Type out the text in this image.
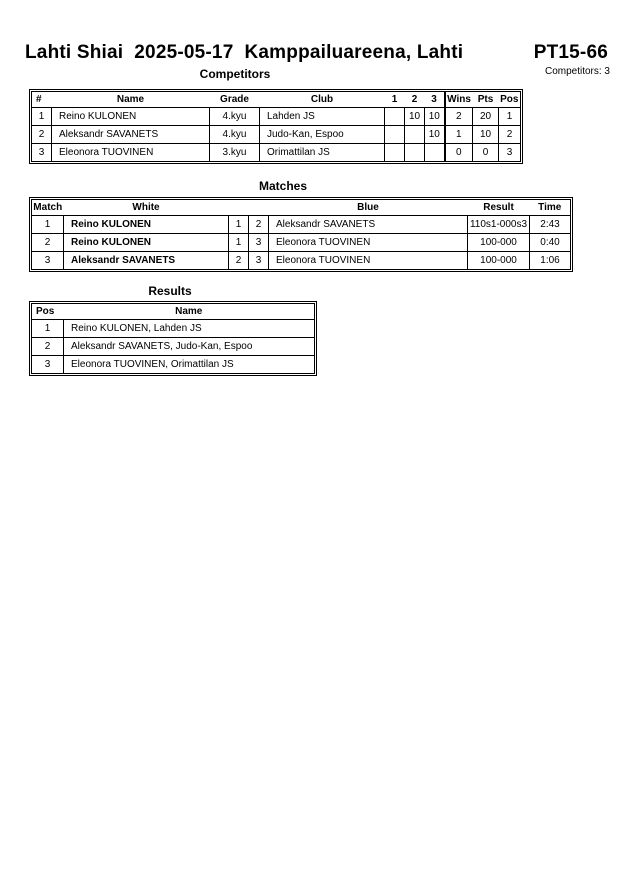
Lahti Shiai 2025-05-17 Kamppailuareena, Lahti	PT15-66
Competitors: 3
Competitors
#	Name	Grade	Club	1	2	3	Wins	Pts	Pos
1	Reino KULONEN	4.kyu	Lahden JS		10	10	2	20	1
2	Aleksandr SAVANETS	4.kyu	Judo-Kan, Espoo			10	1	10	2
3	Eleonora TUOVINEN	3.kyu	Orimattilan JS				0	0	3
Matches
Match	White			Blue	Result	Time
1	Reino KULONEN	1	2	Aleksandr SAVANETS	110s1-000s3	2:43
2	Reino KULONEN	1	3	Eleonora TUOVINEN	100-000	0:40
3	Aleksandr SAVANETS	2	3	Eleonora TUOVINEN	100-000	1:06
Results
Pos	Name
1	Reino KULONEN, Lahden JS
2	Aleksandr SAVANETS, Judo-Kan, Espoo
3	Eleonora TUOVINEN, Orimattilan JS
